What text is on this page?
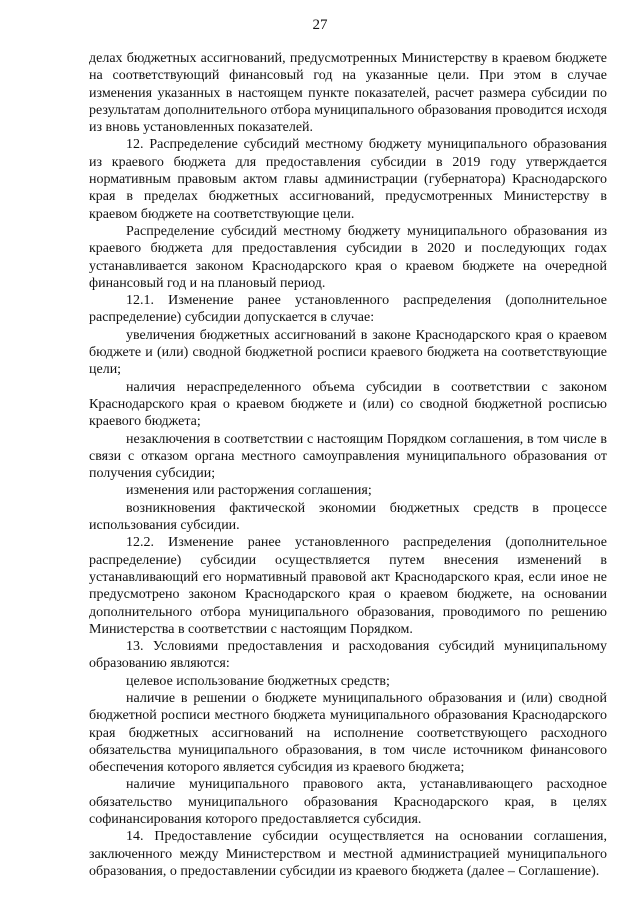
27

делах бюджетных ассигнований, предусмотренных Министерству в краевом бюджете на соответствующий финансовый год на указанные цели. При этом в случае изменения указанных в настоящем пункте показателей, расчет размера субсидии по результатам дополнительного отбора муниципального образования проводится исходя из вновь установленных показателей.

12. Распределение субсидий местному бюджету муниципального образования из краевого бюджета для предоставления субсидии в 2019 году утверждается нормативным правовым актом главы администрации (губернатора) Краснодарского края в пределах бюджетных ассигнований, предусмотренных Министерству в краевом бюджете на соответствующие цели.

Распределение субсидий местному бюджету муниципального образования из краевого бюджета для предоставления субсидии в 2020 и последующих годах устанавливается законом Краснодарского края о краевом бюджете на очередной финансовый год и на плановый период.

12.1. Изменение ранее установленного распределения (дополнительное распределение) субсидии допускается в случае:

увеличения бюджетных ассигнований в законе Краснодарского края о краевом бюджете и (или) сводной бюджетной росписи краевого бюджета на соответствующие цели;

наличия нераспределенного объема субсидии в соответствии с законом Краснодарского края о краевом бюджете и (или) со сводной бюджетной росписью краевого бюджета;

незаключения в соответствии с настоящим Порядком соглашения, в том числе в связи с отказом органа местного самоуправления муниципального образования от получения субсидии;

изменения или расторжения соглашения;

возникновения фактической экономии бюджетных средств в процессе использования субсидии.

12.2. Изменение ранее установленного распределения (дополнительное распределение) субсидии осуществляется путем внесения изменений в устанавливающий его нормативный правовой акт Краснодарского края, если иное не предусмотрено законом Краснодарского края о краевом бюджете, на основании дополнительного отбора муниципального образования, проводимого по решению Министерства в соответствии с настоящим Порядком.

13. Условиями предоставления и расходования субсидий муниципальному образованию являются:

целевое использование бюджетных средств;

наличие в решении о бюджете муниципального образования и (или) сводной бюджетной росписи местного бюджета муниципального образования Краснодарского края бюджетных ассигнований на исполнение соответствующего расходного обязательства муниципального образования, в том числе источником финансового обеспечения которого является субсидия из краевого бюджета;

наличие муниципального правового акта, устанавливающего расходное обязательство муниципального образования Краснодарского края, в целях софинансирования которого предоставляется субсидия.

14. Предоставление субсидии осуществляется на основании соглашения, заключенного между Министерством и местной администрацией муниципального образования, о предоставлении субсидии из краевого бюджета (далее – Соглашение).
